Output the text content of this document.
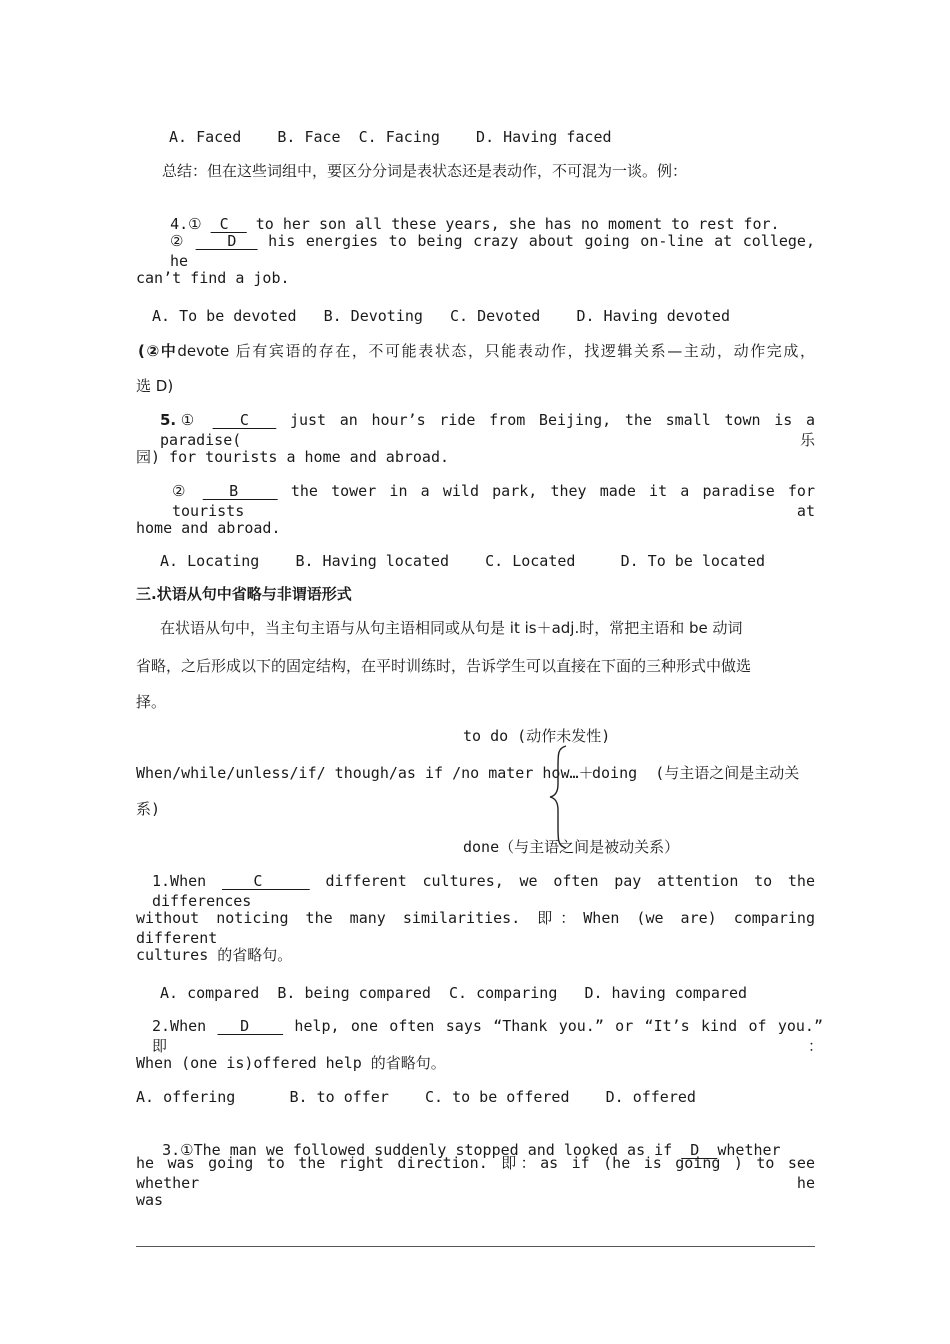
A. Faced    B. Face  C. Facing    D. Having faced
总结：但在这些词组中，要区分分词是表状态还是表动作，不可混为一谈。例：

4.①  C   to her son all these years, she has no moment to rest for.

②    D   his energies to being crazy about going on-line at college, he
can’t find a job.
A. To be devoted   B. Devoting   C. Devoted    D. Having devoted
(②中devote 后有宾语的存在，不可能表状态，只能表动作，找逻辑关系—主动，动作完成，
选 D)
5.①   C   just an hour’s ride from Beijing, the small town is a paradise(乐
园) for tourists a home and abroad.
②   B    the tower in a wild park, they made it a paradise for tourists at
home and abroad.
A. Locating    B. Having located    C. Located     D. To be located
三.状语从句中省略与非谓语形式
在状语从句中，当主句主语与从句主语相同或从句是 it is＋adj.时，常把主语和 be 动词
省略，之后形成以下的固定结构，在平时训练时，告诉学生可以直接在下面的三种形式中做选
择。
to do (动作未发性)
When/while/unless/if/ though/as if /no mater how…＋
doing  (与主语之间是主动关
系)
done（与主语之间是被动关系）
1.When   C    different cultures, we often pay attention to the differences
without noticing the many similarities. 即：When (we are) comparing different
cultures 的省略句。
A. compared  B. being compared  C. comparing   D. having compared
2.When   D    help, one often says “Thank you.” or “It’s kind of you.” 即：
When (one is)offered help 的省略句。
A. offering      B. to offer    C. to be offered    D. offered

3.①The man we followed suddenly stopped and looked as if  D  whether

he was going to the right direction. 即：as if (he is going ) to see whether he
was
